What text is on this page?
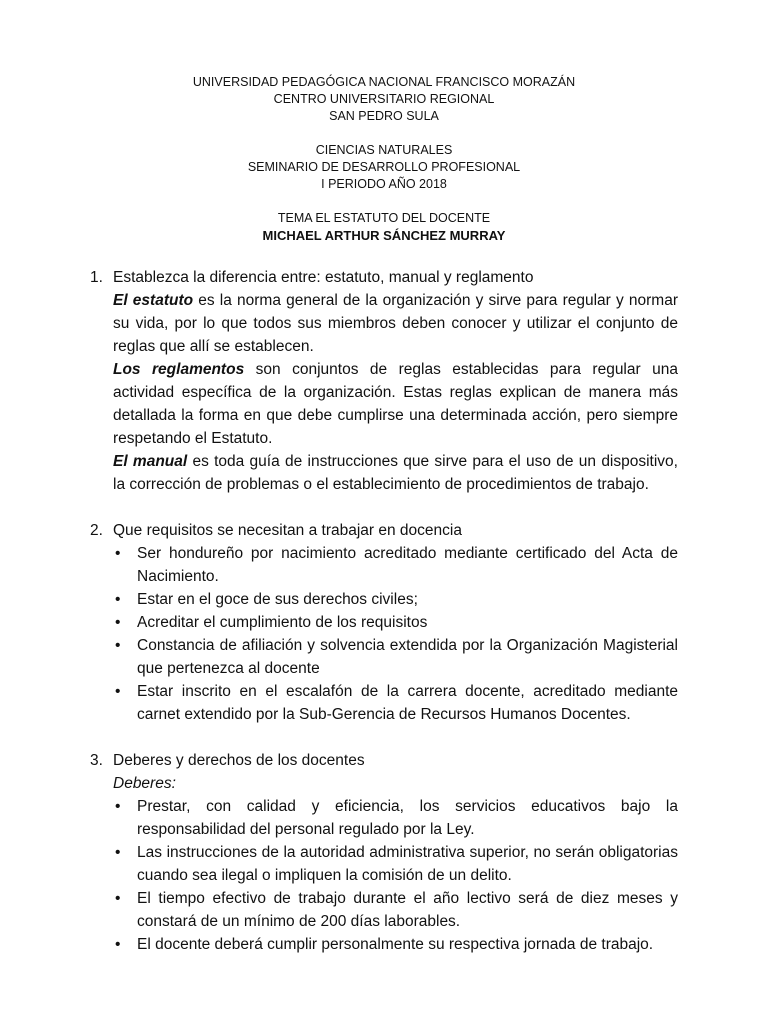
UNIVERSIDAD PEDAGÓGICA NACIONAL FRANCISCO MORAZÁN
CENTRO UNIVERSITARIO REGIONAL
SAN PEDRO SULA
CIENCIAS NATURALES
SEMINARIO DE DESARROLLO PROFESIONAL
I PERIODO AÑO 2018
TEMA EL ESTATUTO DEL DOCENTE
MICHAEL ARTHUR SÁNCHEZ MURRAY
1. Establezca la diferencia entre: estatuto, manual y reglamento

El estatuto es la norma general de la organización y sirve para regular y normar su vida, por lo que todos sus miembros deben conocer y utilizar el conjunto de reglas que allí se establecen.

Los reglamentos son conjuntos de reglas establecidas para regular una actividad específica de la organización. Estas reglas explican de manera más detallada la forma en que debe cumplirse una determinada acción, pero siempre respetando el Estatuto.

El manual es toda guía de instrucciones que sirve para el uso de un dispositivo, la corrección de problemas o el establecimiento de procedimientos de trabajo.

2. Que requisitos se necesitan a trabajar en docencia
• Ser hondureño por nacimiento acreditado mediante certificado del Acta de Nacimiento.
• Estar en el goce de sus derechos civiles;
• Acreditar el cumplimiento de los requisitos
• Constancia de afiliación y solvencia extendida por la Organización Magisterial que pertenezca al docente
• Estar inscrito en el escalafón de la carrera docente, acreditado mediante carnet extendido por la Sub-Gerencia de Recursos Humanos Docentes.
3. Deberes y derechos de los docentes
Deberes:
• Prestar, con calidad y eficiencia, los servicios educativos bajo la responsabilidad del personal regulado por la Ley.
• Las instrucciones de la autoridad administrativa superior, no serán obligatorias cuando sea ilegal o impliquen la comisión de un delito.
• El tiempo efectivo de trabajo durante el año lectivo será de diez meses y constará de un mínimo de 200 días laborables.
• El docente deberá cumplir personalmente su respectiva jornada de trabajo.
